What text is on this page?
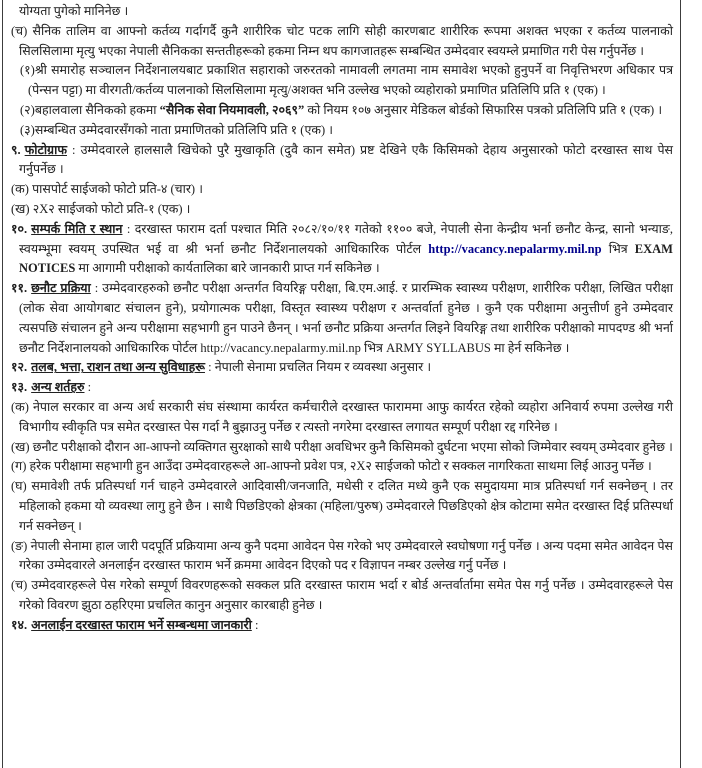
योग्यता पुगेको मानिनेछ ।

(च) सैनिक तालिम वा आफ्नो कर्तव्य गर्दागर्दै कुनै शारीरिक चोट पटक लागि सोही कारणबाट शारीरिक रूपमा अशक्त भएका र कर्तव्य पालनाको सिलसिलामा मृत्यु भएका नेपाली सैनिकका सन्ततीहरूको हकमा निम्न थप कागजातहरू सम्बन्धित उम्मेदवार स्वयम्ले प्रमाणित गरी पेस गर्नुपर्नेछ ।

(१)श्री समारोह सञ्चालन निर्देशनालयबाट प्रकाशित सहाराको जरुरतको नामावली लगतमा नाम समावेश भएको हुनुपर्ने वा निवृत्तिभरण अधिकार पत्र (पेन्सन पट्टा) मा वीरगती/कर्तव्य पालनाको सिलसिलामा मृत्यु/अशक्त भनि उल्लेख भएको व्यहोराको प्रमाणित प्रतिलिपि प्रति १ (एक) ।

(२)बहालवाला सैनिकको हकमा “सैनिक सेवा नियमावली, २०६९” को नियम १०७ अनुसार मेडिकल बोर्डको सिफारिस पत्रको प्रतिलिपि प्रति १ (एक) ।

(३)सम्बन्धित उम्मेदवारसँगको नाता प्रमाणितको प्रतिलिपि प्रति १ (एक) ।

९. फोटोग्राफ : उम्मेदवारले हालसालै खिचेको पुरै मुखाकृति (दुवै कान समेत) प्रष्ट देखिने एकै किसिमको देहाय अनुसारको फोटो दरखास्त साथ पेस गर्नुपर्नेछ ।

(क) पासपोर्ट साईजको फोटो प्रति-४ (चार) ।

(ख) २X२ साईजको फोटो प्रति-१ (एक) ।

१०. सम्पर्क मिति र स्थान : दरखास्त फाराम दर्ता पश्चात मिति २०८२/१०/११ गतेको ११०० बजे, नेपाली सेना केन्द्रीय भर्ना छनौट केन्द्र, सानो भन्याङ, स्वयम्भूमा स्वयम् उपस्थित भई वा श्री भर्ना छनौट निर्देशनालयको आधिकारिक पोर्टल http://vacancy.nepalarmy.mil.np भित्र EXAM NOTICES मा आगामी परीक्षाको कार्यतालिका बारे जानकारी प्राप्त गर्न सकिनेछ ।

११. छनौट प्रक्रिया : उम्मेदवारहरुको छनौट परीक्षा अन्तर्गत वियरिङ्ग परीक्षा, बि.एम.आई. र प्रारम्भिक स्वास्थ्य परीक्षण, शारीरिक परीक्षा, लिखित परीक्षा (लोक सेवा आयोगबाट संचालन हुने), प्रयोगात्मक परीक्षा, विस्तृत स्वास्थ्य परीक्षण र अन्तर्वार्ता हुनेछ । कुनै एक परीक्षामा अनुत्तीर्ण हुने उम्मेदवार त्यसपछि संचालन हुने अन्य परीक्षामा सहभागी हुन पाउने छैनन् । भर्ना छनौट प्रक्रिया अन्तर्गत लिइने वियरिङ्ग तथा शारीरिक परीक्षाको मापदण्ड श्री भर्ना छनौट निर्देशनालयको आधिकारिक पोर्टल http://vacancy.nepalarmy.mil.np भित्र ARMY SYLLABUS मा हेर्न सकिनेछ ।

१२. तलब, भत्ता, राशन तथा अन्य सुविधाहरू : नेपाली सेनामा प्रचलित नियम र व्यवस्था अनुसार ।

१३. अन्य शर्तहरु :

(क) नेपाल सरकार वा अन्य अर्ध सरकारी संघ संस्थामा कार्यरत कर्मचारीले दरखास्त फाराममा आफु कार्यरत रहेको व्यहोरा अनिवार्य रुपमा उल्लेख गरी विभागीय स्वीकृति पत्र समेत दरखास्त पेस गर्दा नै बुझाउनु पर्नेछ र त्यस्तो नगरेमा दरखास्त लगायत सम्पूर्ण परीक्षा रद्द गरिनेछ ।

(ख) छनौट परीक्षाको दौरान आ-आफ्नो व्यक्तिगत सुरक्षाको साथै परीक्षा अवधिभर कुनै किसिमको दुर्घटना भएमा सोको जिम्मेवार स्वयम् उम्मेदवार हुनेछ ।

(ग) हरेक परीक्षामा सहभागी हुन आउँदा उम्मेदवारहरूले आ-आफ्नो प्रवेश पत्र, २X२ साईजको फोटो र सक्कल नागरिकता साथमा लिई आउनु पर्नेछ ।

(घ) समावेशी तर्फ प्रतिस्पर्धा गर्न चाहने उम्मेदवारले आदिवासी/जनजाति, मधेसी र दलित मध्ये कुनै एक समुदायमा मात्र प्रतिस्पर्धा गर्न सक्नेछन् । तर महिलाको हकमा यो व्यवस्था लागु हुने छैन । साथै पिछडिएको क्षेत्रका (महिला/पुरुष) उम्मेदवारले पिछडिएको क्षेत्र कोटामा समेत दरखास्त दिई प्रतिस्पर्धा गर्न सक्नेछन् ।

(ङ) नेपाली सेनामा हाल जारी पदपूर्ति प्रक्रियामा अन्य कुनै पदमा आवेदन पेस गरेको भए उम्मेदवारले स्वघोषणा गर्नु पर्नेछ । अन्य पदमा समेत आवेदन पेस गरेका उम्मेदवारले अनलाईन दरखास्त फाराम भर्ने क्रममा आवेदन दिएको पद र विज्ञापन नम्बर उल्लेख गर्नु पर्नेछ ।

(च) उम्मेदवारहरूले पेस गरेको सम्पूर्ण विवरणहरूको सक्कल प्रति दरखास्त फाराम भर्दा र बोर्ड अन्तर्वार्तामा समेत पेस गर्नु पर्नेछ । उम्मेदवारहरूले पेस गरेको विवरण झुठा ठहरिएमा प्रचलित कानुन अनुसार कारबाही हुनेछ ।

१४. अनलाईन दरखास्त फाराम भर्ने सम्बन्धमा जानकारी :
